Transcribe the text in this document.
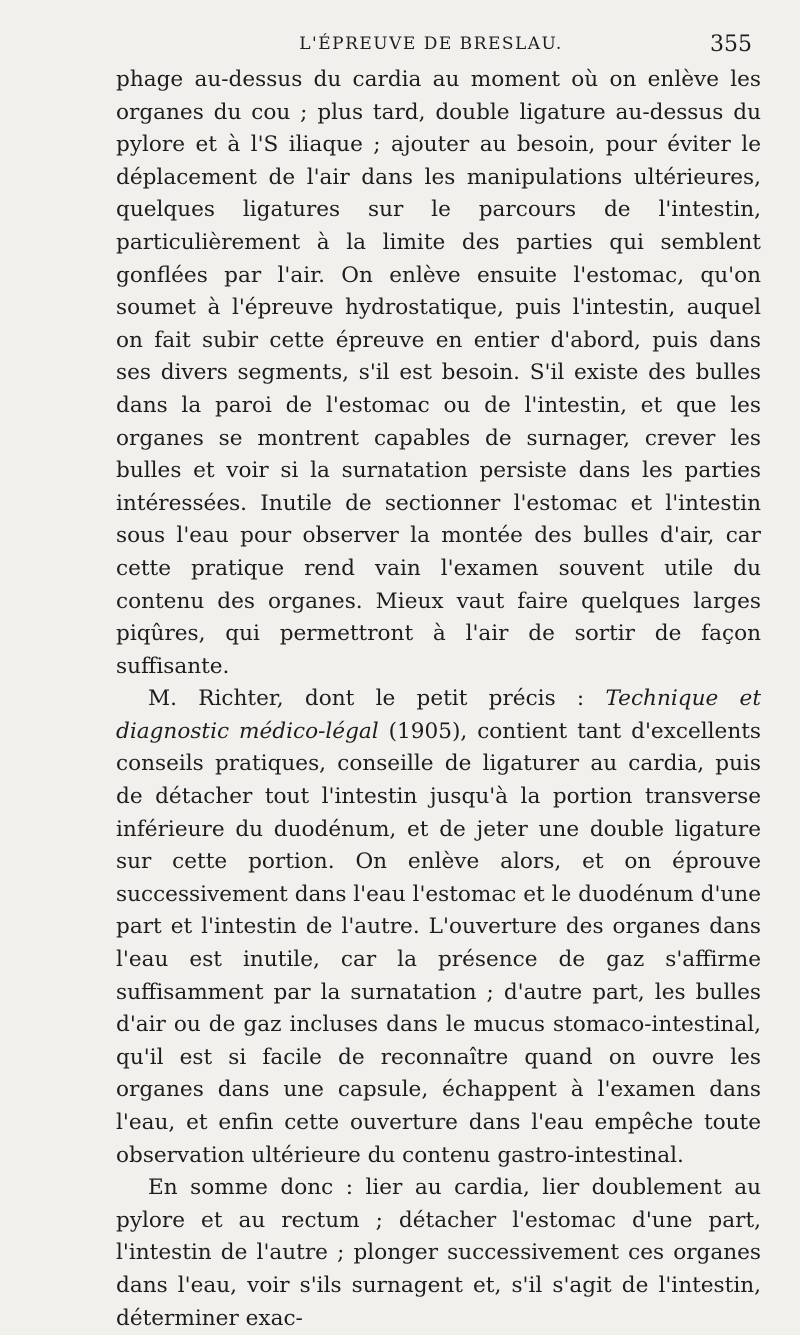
L'ÉPREUVE DE BRESLAU.	355

phage au-dessus du cardia au moment où on enlève les organes du cou ; plus tard, double ligature au-dessus du pylore et à l'S iliaque ; ajouter au besoin, pour éviter le déplacement de l'air dans les manipulations ultérieures, quelques ligatures sur le parcours de l'intestin, particulièrement à la limite des parties qui semblent gonflées par l'air. On enlève ensuite l'estomac, qu'on soumet à l'épreuve hydrostatique, puis l'intestin, auquel on fait subir cette épreuve en entier d'abord, puis dans ses divers segments, s'il est besoin. S'il existe des bulles dans la paroi de l'estomac ou de l'intestin, et que les organes se montrent capables de surnager, crever les bulles et voir si la surnatation persiste dans les parties intéressées. Inutile de sectionner l'estomac et l'intestin sous l'eau pour observer la montée des bulles d'air, car cette pratique rend vain l'examen souvent utile du contenu des organes. Mieux vaut faire quelques larges piqûres, qui permettront à l'air de sortir de façon suffisante.

M. Richter, dont le petit précis : Technique et diagnostic médico-légal (1905), contient tant d'excellents conseils pratiques, conseille de ligaturer au cardia, puis de détacher tout l'intestin jusqu'à la portion transverse inférieure du duodénum, et de jeter une double ligature sur cette portion. On enlève alors, et on éprouve successivement dans l'eau l'estomac et le duodénum d'une part et l'intestin de l'autre. L'ouverture des organes dans l'eau est inutile, car la présence de gaz s'affirme suffisamment par la surnatation ; d'autre part, les bulles d'air ou de gaz incluses dans le mucus stomaco-intestinal, qu'il est si facile de reconnaître quand on ouvre les organes dans une capsule, échappent à l'examen dans l'eau, et enfin cette ouverture dans l'eau empêche toute observation ultérieure du contenu gastro-intestinal.

En somme donc : lier au cardia, lier doublement au pylore et au rectum ; détacher l'estomac d'une part, l'intestin de l'autre ; plonger successivement ces organes dans l'eau, voir s'ils surnagent et, s'il s'agit de l'intestin, déterminer exac-
